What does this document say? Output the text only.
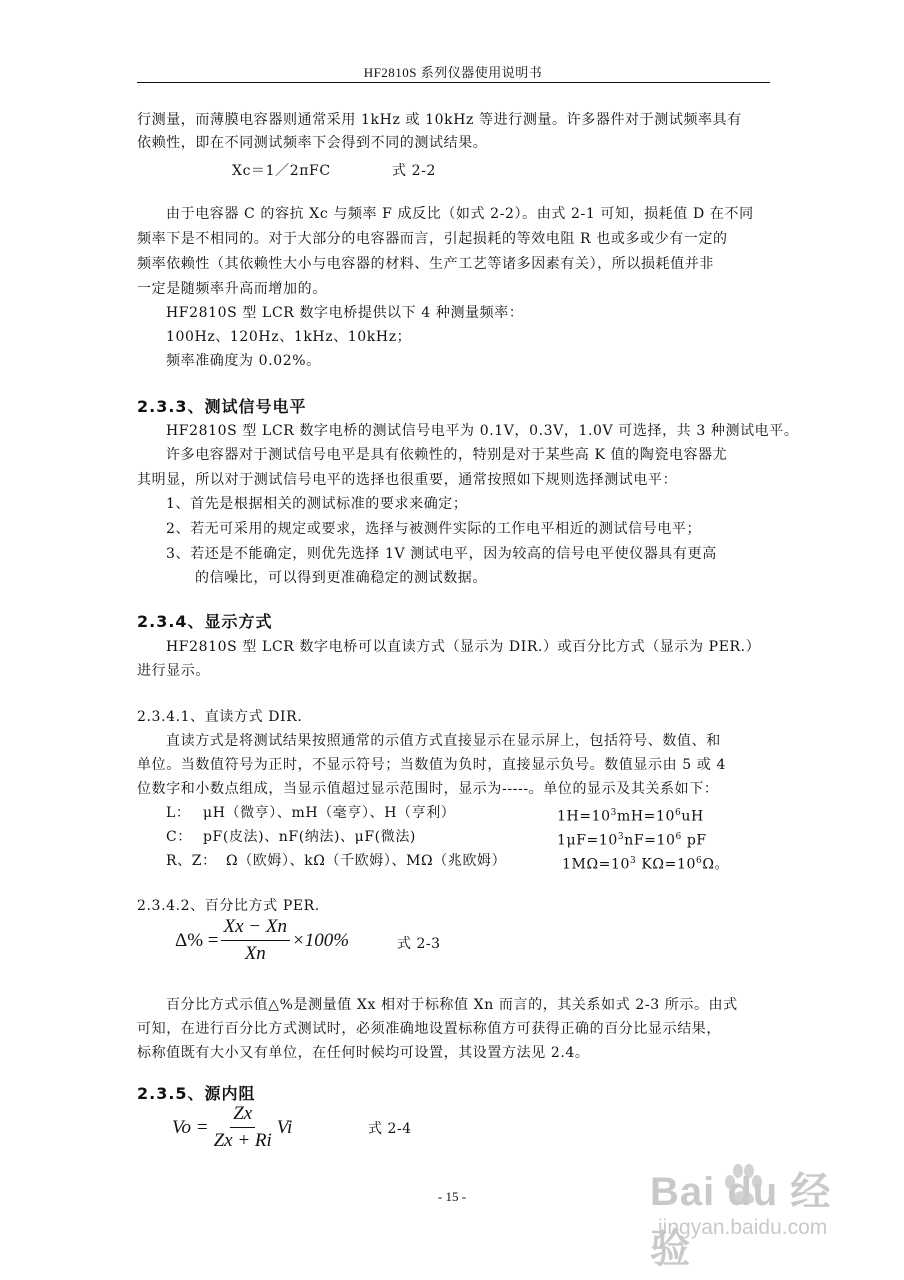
HF2810S 系列仪器使用说明书
行测量，而薄膜电容器则通常采用 1kHz 或 10kHz 等进行测量。许多器件对于测试频率具有
依赖性，即在不同测试频率下会得到不同的测试结果。
Xc＝1／2πFC	式 2-2
由于电容器 C 的容抗 Xc 与频率 F 成反比（如式 2-2）。由式 2-1 可知，损耗值 D 在不同
频率下是不相同的。对于大部分的电容器而言，引起损耗的等效电阻 R 也或多或少有一定的
频率依赖性（其依赖性大小与电容器的材料、生产工艺等诸多因素有关），所以损耗值并非
一定是随频率升高而增加的。
HF2810S 型 LCR 数字电桥提供以下 4 种测量频率：
100Hz、120Hz、1kHz、10kHz；
频率准确度为 0.02%。
2.3.3、测试信号电平
HF2810S 型 LCR 数字电桥的测试信号电平为 0.1V，0.3V，1.0V 可选择，共 3 种测试电平。
许多电容器对于测试信号电平是具有依赖性的，特别是对于某些高 K 值的陶瓷电容器尤
其明显，所以对于测试信号电平的选择也很重要，通常按照如下规则选择测试电平：
1、首先是根据相关的测试标准的要求来确定；
2、若无可采用的规定或要求，选择与被测件实际的工作电平相近的测试信号电平；
3、若还是不能确定，则优先选择 1V 测试电平，因为较高的信号电平使仪器具有更高
的信噪比，可以得到更准确稳定的测试数据。
2.3.4、显示方式
HF2810S 型 LCR 数字电桥可以直读方式（显示为 DIR.）或百分比方式（显示为 PER.）
进行显示。
2.3.4.1、直读方式 DIR.
直读方式是将测试结果按照通常的示值方式直接显示在显示屏上，包括符号、数值、和
单位。当数值符号为正时，不显示符号；当数值为负时，直接显示负号。数值显示由 5 或 4
位数字和小数点组成，当显示值超过显示范围时，显示为-----。单位的显示及其关系如下：
L： μH（微亨）、mH（毫亨）、H（亨利）	$1H=10^3mH=10^6uH$
C： pF(皮法)、nF(纳法)、μF(微法)	$1\mu F=10^3nF=10^6$ pF
R、Z： Ω（欧姆）、kΩ（千欧姆）、MΩ（兆欧姆）	$1M\Omega=10^3$ $K\Omega=10^6\Omega$。
2.3.4.2、百分比方式 PER.
$\Delta\% = \frac{Xx - Xn}{Xn} \times 100\%$	式 2-3
百分比方式示值△%是测量值 Xx 相对于标称值 Xn 而言的，其关系如式 2-3 所示。由式
可知，在进行百分比方式测试时，必须准确地设置标称值方可获得正确的百分比显示结果，
标称值既有大小又有单位，在任何时候均可设置，其设置方法见 2.4。
2.3.5、源内阻
$Vo = \frac{Zx}{Zx + Ri}$ Vi	式 2-4
- 15 -	Bai du 经验
jingyan.baidu.com
